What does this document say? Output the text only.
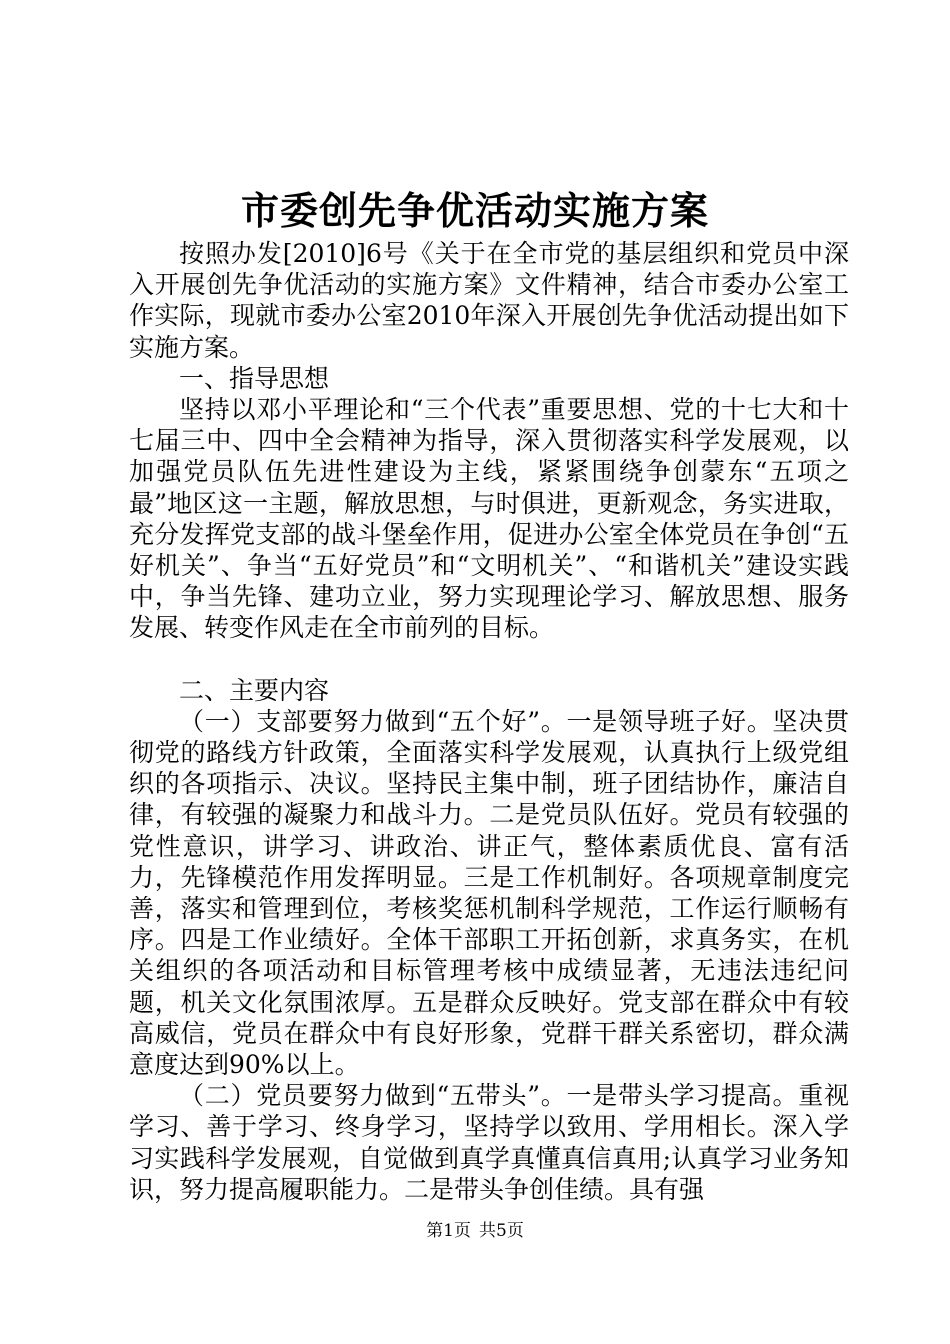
市委创先争优活动实施方案

按照办发[2010]6号《关于在全市党的基层组织和党员中深入开展创先争优活动的实施方案》文件精神，结合市委办公室工作实际，现就市委办公室2010年深入开展创先争优活动提出如下实施方案。

一、指导思想

坚持以邓小平理论和“三个代表”重要思想、党的十七大和十七届三中、四中全会精神为指导，深入贯彻落实科学发展观，以加强党员队伍先进性建设为主线，紧紧围绕争创蒙东“五项之最”地区这一主题，解放思想，与时俱进，更新观念，务实进取，充分发挥党支部的战斗堡垒作用，促进办公室全体党员在争创“五好机关”、争当“五好党员”和“文明机关”、“和谐机关”建设实践中，争当先锋、建功立业，努力实现理论学习、解放思想、服务发展、转变作风走在全市前列的目标。

二、主要内容

（一）支部要努力做到“五个好”。一是领导班子好。坚决贯彻党的路线方针政策，全面落实科学发展观，认真执行上级党组织的各项指示、决议。坚持民主集中制，班子团结协作，廉洁自律，有较强的凝聚力和战斗力。二是党员队伍好。党员有较强的党性意识，讲学习、讲政治、讲正气，整体素质优良、富有活力，先锋模范作用发挥明显。三是工作机制好。各项规章制度完善，落实和管理到位，考核奖惩机制科学规范，工作运行顺畅有序。四是工作业绩好。全体干部职工开拓创新，求真务实，在机关组织的各项活动和目标管理考核中成绩显著，无违法违纪问题，机关文化氛围浓厚。五是群众反映好。党支部在群众中有较高威信，党员在群众中有良好形象，党群干群关系密切，群众满意度达到90%以上。

（二）党员要努力做到“五带头”。一是带头学习提高。重视学习、善于学习、终身学习，坚持学以致用、学用相长。深入学习实践科学发展观，自觉做到真学真懂真信真用;认真学习业务知识，努力提高履职能力。二是带头争创佳绩。具有强

第1页 共5页
